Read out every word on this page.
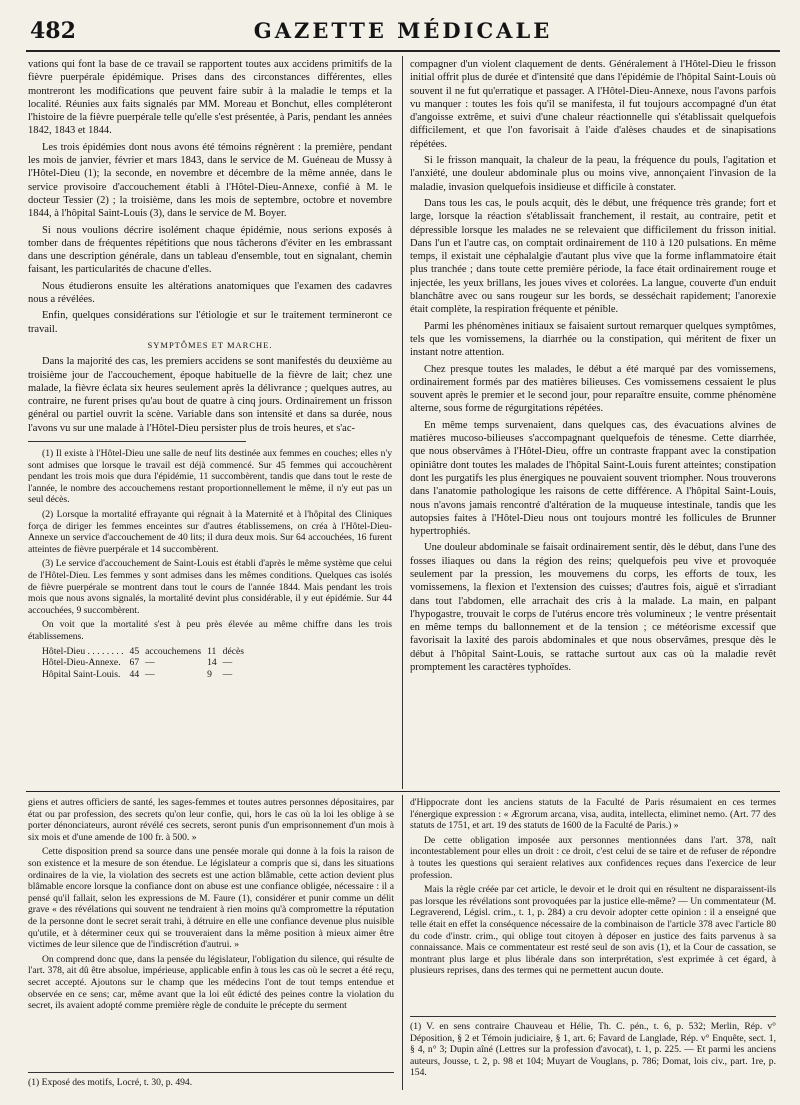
482	GAZETTE MÉDICALE

vations qui font la base de ce travail se rapportent toutes aux accidens primitifs de la fièvre puerpérale épidémique. Prises dans des circonstances différentes, elles montreront les modifications que peuvent faire subir à la maladie le temps et la localité. Réunies aux faits signalés par MM. Moreau et Bonchut, elles compléteront l'histoire de la fièvre puerpérale telle qu'elle s'est présentée, à Paris, pendant les années 1842, 1843 et 1844.

Les trois épidémies dont nous avons été témoins régnèrent : la première, pendant les mois de janvier, février et mars 1843, dans le service de M. Guéneau de Mussy à l'Hôtel-Dieu (1); la seconde, en novembre et décembre de la même année, dans le service provisoire d'accouchement établi à l'Hôtel-Dieu-Annexe, confié à M. le docteur Tessier (2) ; la troisième, dans les mois de septembre, octobre et novembre 1844, à l'hôpital Saint-Louis (3), dans le service de M. Boyer.

Si nous voulions décrire isolément chaque épidémie, nous serions exposés à tomber dans de fréquentes répétitions que nous tâcherons d'éviter en les embrassant dans une description générale, dans un tableau d'ensemble, tout en signalant, chemin faisant, les particularités de chacune d'elles.

Nous étudierons ensuite les altérations anatomiques que l'examen des cadavres nous a révélées.

Enfin, quelques considérations sur l'étiologie et sur le traitement termineront ce travail.

SYMPTÔMES ET MARCHE.

Dans la majorité des cas, les premiers accidens se sont manifestés du deuxième au troisième jour de l'accouchement, époque habituelle de la fièvre de lait; chez une malade, la fièvre éclata six heures seulement après la délivrance ; quelques autres, au contraire, ne furent prises qu'au bout de quatre à cinq jours. Ordinairement un frisson général ou partiel ouvrit la scène. Variable dans son intensité et dans sa durée, nous l'avons vu sur une malade à l'Hôtel-Dieu persister plus de trois heures, et s'ac-

(1) Il existe à l'Hôtel-Dieu une salle de neuf lits destinée aux femmes en couches; elles n'y sont admises que lorsque le travail est déjà commencé. Sur 45 femmes qui accouchèrent pendant les trois mois que dura l'épidémie, 11 succombèrent, tandis que dans tout le reste de l'année, le nombre des accouchemens restant proportionnellement le même, il n'y eut pas un seul décès.

(2) Lorsque la mortalité effrayante qui régnait à la Maternité et à l'hôpital des Cliniques força de diriger les femmes enceintes sur d'autres établissemens, on créa à l'Hôtel-Dieu-Annexe un service d'accouchement de 40 lits; il dura deux mois. Sur 64 accouchées, 16 furent atteintes de fièvre puerpérale et 14 succombèrent.

(3) Le service d'accouchement de Saint-Louis est établi d'après le même système que celui de l'Hôtel-Dieu. Les femmes y sont admises dans les mêmes conditions. Quelques cas isolés de fièvre puerpérale se montrent dans tout le cours de l'année 1844. Mais pendant les trois mois que nous avons signalés, la mortalité devint plus considérable, il y eut épidémie. Sur 44 accouchées, 9 succombèrent.

On voit que la mortalité s'est à peu près élevée au même chiffre dans les trois établissemens.

Hôtel-Dieu . . . . . . . .	45	accouchemens	11	décès
Hôtel-Dieu-Annexe.	67	—	14	—
Hôpital Saint-Louis.	44	—	9	—

compagner d'un violent claquement de dents. Généralement à l'Hôtel-Dieu le frisson initial offrit plus de durée et d'intensité que dans l'épidémie de l'hôpital Saint-Louis où souvent il ne fut qu'erratique et passager. A l'Hôtel-Dieu-Annexe, nous l'avons parfois vu manquer : toutes les fois qu'il se manifesta, il fut toujours accompagné d'un état d'angoisse extrême, et suivi d'une chaleur réactionnelle qui s'établissait quelquefois difficilement, et que l'on favorisait à l'aide d'alèses chaudes et de sinapisations répétées.

Si le frisson manquait, la chaleur de la peau, la fréquence du pouls, l'agitation et l'anxiété, une douleur abdominale plus ou moins vive, annonçaient l'invasion de la maladie, invasion quelquefois insidieuse et difficile à constater.

Dans tous les cas, le pouls acquit, dès le début, une fréquence très grande; fort et large, lorsque la réaction s'établissait franchement, il restait, au contraire, petit et dépressible lorsque les malades ne se relevaient que difficilement du frisson initial. Dans l'un et l'autre cas, on comptait ordinairement de 110 à 120 pulsations. En même temps, il existait une céphalalgie d'autant plus vive que la forme inflammatoire était plus tranchée ; dans toute cette première période, la face était ordinairement rouge et injectée, les yeux brillans, les joues vives et colorées. La langue, couverte d'un enduit blanchâtre avec ou sans rougeur sur les bords, se desséchait rapidement; l'anorexie était complète, la respiration fréquente et pénible.

Parmi les phénomènes initiaux se faisaient surtout remarquer quelques symptômes, tels que les vomissemens, la diarrhée ou la constipation, qui méritent de fixer un instant notre attention.

Chez presque toutes les malades, le début a été marqué par des vomissemens, ordinairement formés par des matières bilieuses. Ces vomissemens cessaient le plus souvent après le premier et le second jour, pour reparaître ensuite, comme phénomène alterne, sous forme de régurgitations répétées.

En même temps survenaient, dans quelques cas, des évacuations alvines de matières mucoso-bilieuses s'accompagnant quelquefois de ténesme. Cette diarrhée, que nous observâmes à l'Hôtel-Dieu, offre un contraste frappant avec la constipation opiniâtre dont toutes les malades de l'hôpital Saint-Louis furent atteintes; constipation dont les purgatifs les plus énergiques ne pouvaient souvent triompher. Nous trouverons dans l'anatomie pathologique les raisons de cette différence. A l'hôpital Saint-Louis, nous n'avons jamais rencontré d'altération de la muqueuse intestinale, tandis que les autopsies faites à l'Hôtel-Dieu nous ont toujours montré les follicules de Brunner hypertrophiés.

Une douleur abdominale se faisait ordinairement sentir, dès le début, dans l'une des fosses iliaques ou dans la région des reins; quelquefois peu vive et provoquée seulement par la pression, les mouvemens du corps, les efforts de toux, les vomissemens, la flexion et l'extension des cuisses; d'autres fois, aiguë et s'irradiant dans tout l'abdomen, elle arrachait des cris à la malade. La main, en palpant l'hypogastre, trouvait le corps de l'utérus encore très volumineux ; le ventre présentait en même temps du ballonnement et de la tension ; ce météorisme excessif que favorisait la laxité des parois abdominales et que nous observâmes, presque dès le début à l'hôpital Saint-Louis, se rattache surtout aux cas où la maladie revêt promptement les caractères typhoïdes.

giens et autres officiers de santé, les sages-femmes et toutes autres personnes dépositaires, par état ou par profession, des secrets qu'on leur confie, qui, hors le cas où la loi les oblige à se porter dénonciateurs, auront révélé ces secrets, seront punis d'un emprisonnement d'un mois à six mois et d'une amende de 100 fr. à 500. »

Cette disposition prend sa source dans une pensée morale qui donne à la fois la raison de son existence et la mesure de son étendue. Le législateur a compris que si, dans les situations ordinaires de la vie, la violation des secrets est une action blâmable, cette action devient plus blâmable encore lorsque la confiance dont on abuse est une confiance obligée, nécessaire : il a pensé qu'il fallait, selon les expressions de M. Faure (1), considérer et punir comme un délit grave « des révélations qui souvent ne tendraient à rien moins qu'à compromettre la réputation de la personne dont le secret serait trahi, à détruire en elle une confiance devenue plus nuisible qu'utile, et à déterminer ceux qui se trouveraient dans la même position à mieux aimer être victimes de leur silence que de l'indiscrétion d'autrui. »

On comprend donc que, dans la pensée du législateur, l'obligation du silence, qui résulte de l'art. 378, ait dû être absolue, impérieuse, applicable enfin à tous les cas où le secret a été reçu, secret accepté. Ajoutons sur le champ que les médecins l'ont de tout temps entendue et observée en ce sens; car, même avant que la loi eût édicté des peines contre la violation du secret, ils avaient adopté comme première règle de conduite le précepte du serment

(1) Exposé des motifs, Locré, t. 30, p. 494.

d'Hippocrate dont les anciens statuts de la Faculté de Paris résumaient en ces termes l'énergique expression : « Ægrorum arcana, visa, audita, intellecta, eliminet nemo. (Art. 77 des statuts de 1751, et art. 19 des statuts de 1600 de la Faculté de Paris.) »

De cette obligation imposée aux personnes mentionnées dans l'art. 378, naît incontestablement pour elles un droit : ce droit, c'est celui de se taire et de refuser de répondre à toutes les questions qui seraient relatives aux confidences reçues dans l'exercice de leur profession.

Mais la règle créée par cet article, le devoir et le droit qui en résultent ne disparaissent-ils pas lorsque les révélations sont provoquées par la justice elle-même? — Un commentateur (M. Legraverend, Législ. crim., t. 1, p. 284) a cru devoir adopter cette opinion : il a enseigné que telle était en effet la conséquence nécessaire de la combinaison de l'article 378 avec l'article 80 du code d'instr. crim., qui oblige tout citoyen à déposer en justice des faits parvenus à sa connaissance. Mais ce commentateur est resté seul de son avis (1), et la Cour de cassation, se montrant plus large et plus libérale dans son interprétation, s'est exprimée à cet égard, à plusieurs reprises, dans des termes qui ne permettent aucun doute.

(1) V. en sens contraire Chauveau et Hélie, Th. C. pén., t. 6, p. 532; Merlin, Rép. v° Déposition, § 2 et Témoin judiciaire, § 1, art. 6; Favard de Langlade, Rép. v° Enquête, sect. 1, § 4, n° 3; Dupin aîné (Lettres sur la profession d'avocat), t. 1, p. 225. — Et parmi les anciens auteurs, Jousse, t. 2, p. 98 et 104; Muyart de Vouglans, p. 786; Domat, lois civ., part. 1re, p. 154.
